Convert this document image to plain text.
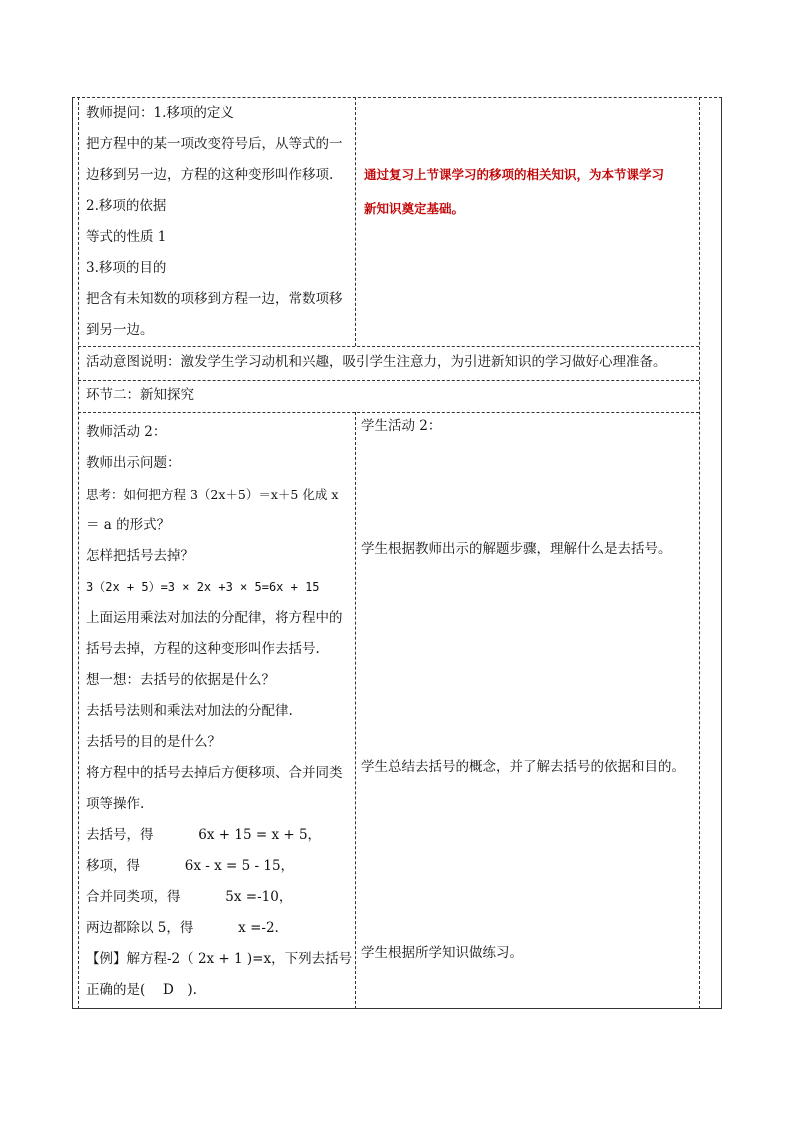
教师提问：1.移项的定义
把方程中的某一项改变符号后，从等式的一
边移到另一边，方程的这种变形叫作移项.
2.移项的依据
等式的性质 1
3.移项的目的
把含有未知数的项移到方程一边，常数项移
到另一边。
通过复习上节课学习的移项的相关知识，为本节课学习
新知识奠定基础。
活动意图说明：激发学生学习动机和兴趣，吸引学生注意力，为引进新知识的学习做好心理准备。
环节二：新知探究
教师活动 2：
教师出示问题：
思考：如何把方程 3（2x＋5）＝x＋5 化成 x
＝ a 的形式？
怎样把括号去掉？
3（2x + 5）=3 × 2x +3 × 5=6x + 15
上面运用乘法对加法的分配律，将方程中的
括号去掉，方程的这种变形叫作去括号.
想一想：去括号的依据是什么？
去括号法则和乘法对加法的分配律.
去括号的目的是什么？
将方程中的括号去掉后方便移项、合并同类
项等操作.
去括号，得　　　 6x + 15 = x + 5，
移项，得　　　 6x - x = 5 - 15，
合并同类项，得　　　 5x =-10，
两边都除以 5，得　　　 x =-2.
【例】解方程-2（ 2x + 1 )=x，下列去括号
正确的是(　 D　).
学生活动 2：
学生根据教师出示的解题步骤，理解什么是去括号。
学生总结去括号的概念，并了解去括号的依据和目的。
学生根据所学知识做练习。
